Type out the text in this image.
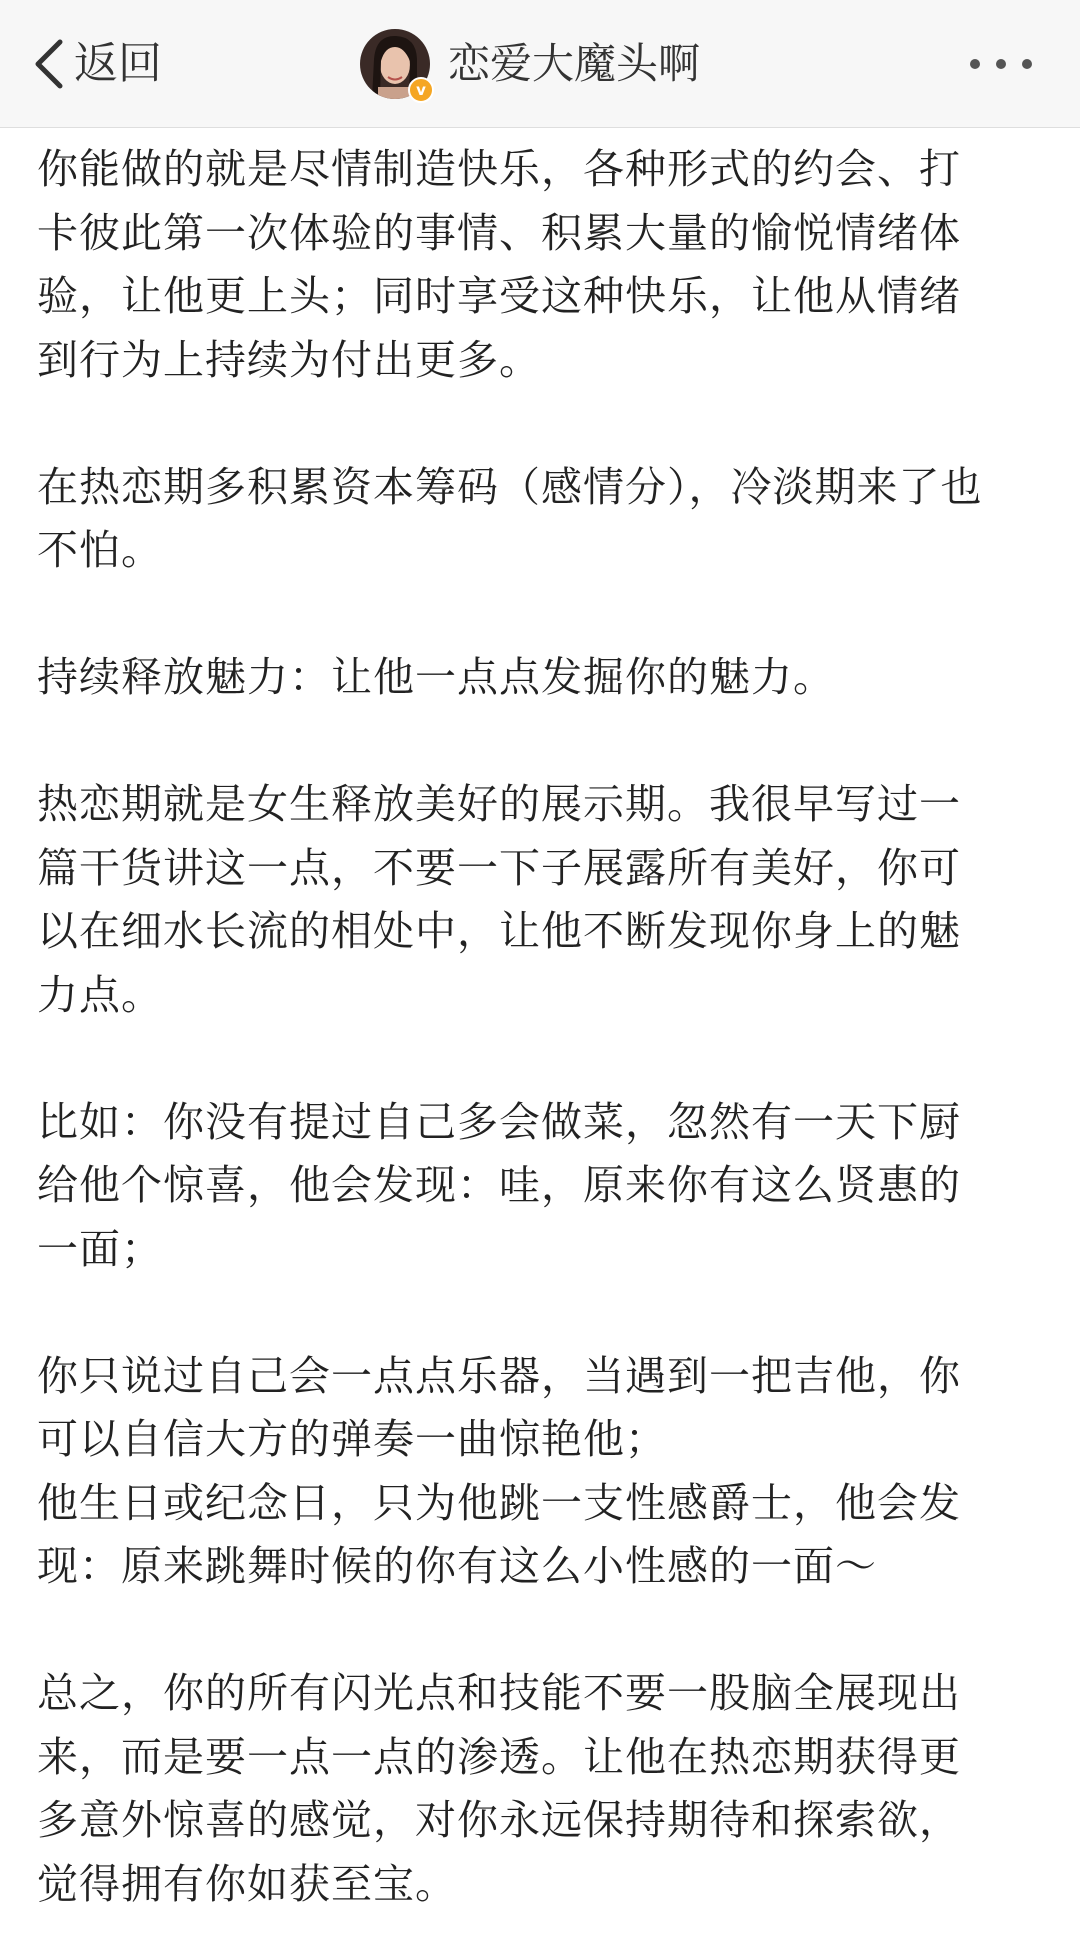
返回
v
恋爱大魔头啊
你能做的就是尽情制造快乐，各种形式的约会、打
卡彼此第一次体验的事情、积累大量的愉悦情绪体
验，让他更上头；同时享受这种快乐，让他从情绪
到行为上持续为付出更多。
在热恋期多积累资本筹码（感情分），冷淡期来了也
不怕。
持续释放魅力：让他一点点发掘你的魅力。
热恋期就是女生释放美好的展示期。我很早写过一
篇干货讲这一点，不要一下子展露所有美好，你可
以在细水长流的相处中，让他不断发现你身上的魅
力点。
比如：你没有提过自己多会做菜，忽然有一天下厨
给他个惊喜，他会发现：哇，原来你有这么贤惠的
一面；
你只说过自己会一点点乐器，当遇到一把吉他，你
可以自信大方的弹奏一曲惊艳他；
他生日或纪念日，只为他跳一支性感爵士，他会发
现：原来跳舞时候的你有这么小性感的一面～
总之，你的所有闪光点和技能不要一股脑全展现出
来，而是要一点一点的渗透。让他在热恋期获得更
多意外惊喜的感觉，对你永远保持期待和探索欲，
觉得拥有你如获至宝。
